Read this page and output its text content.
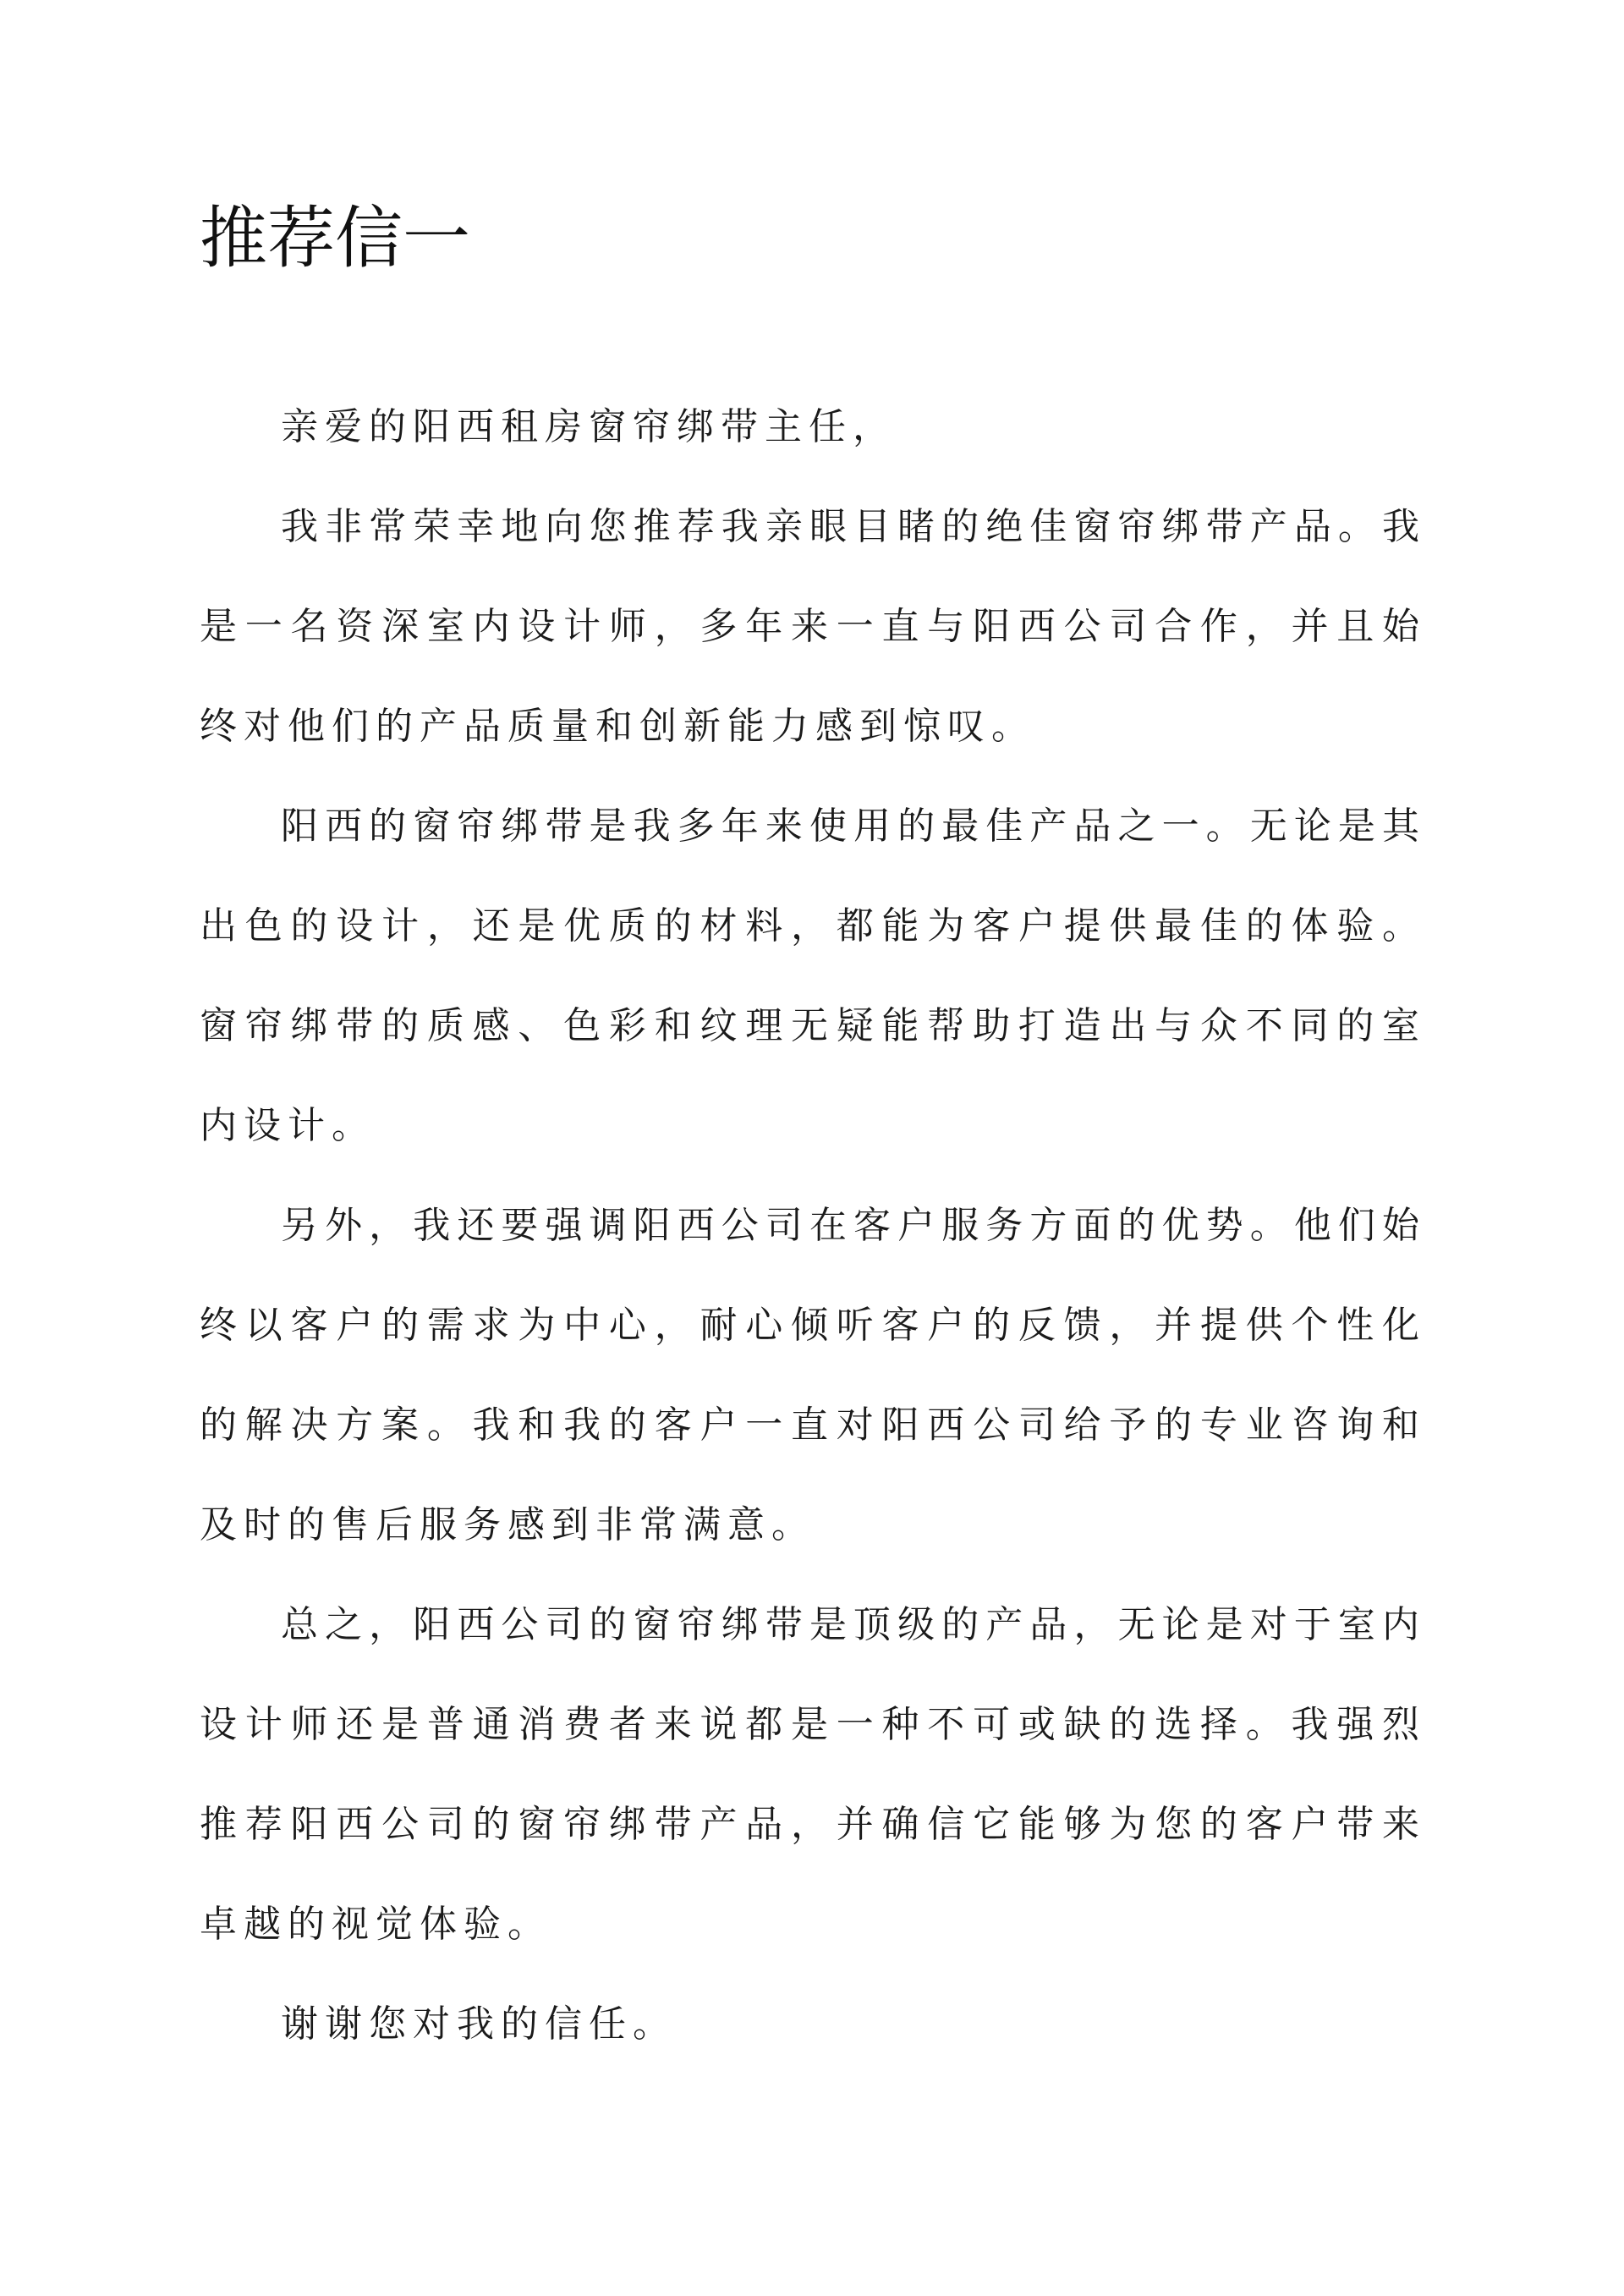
推荐信一

亲爱的阳西租房窗帘绑带主任，

我非常荣幸地向您推荐我亲眼目睹的绝佳窗帘绑带产品。我是一名资深室内设计师，多年来一直与阳西公司合作，并且始终对他们的产品质量和创新能力感到惊叹。

阳西的窗帘绑带是我多年来使用的最佳产品之一。无论是其出色的设计，还是优质的材料，都能为客户提供最佳的体验。窗帘绑带的质感、色彩和纹理无疑能帮助打造出与众不同的室内设计。

另外，我还要强调阳西公司在客户服务方面的优势。他们始终以客户的需求为中心，耐心倾听客户的反馈，并提供个性化的解决方案。我和我的客户一直对阳西公司给予的专业咨询和及时的售后服务感到非常满意。

总之，阳西公司的窗帘绑带是顶级的产品，无论是对于室内设计师还是普通消费者来说都是一种不可或缺的选择。我强烈推荐阳西公司的窗帘绑带产品，并确信它能够为您的客户带来卓越的视觉体验。

谢谢您对我的信任。
